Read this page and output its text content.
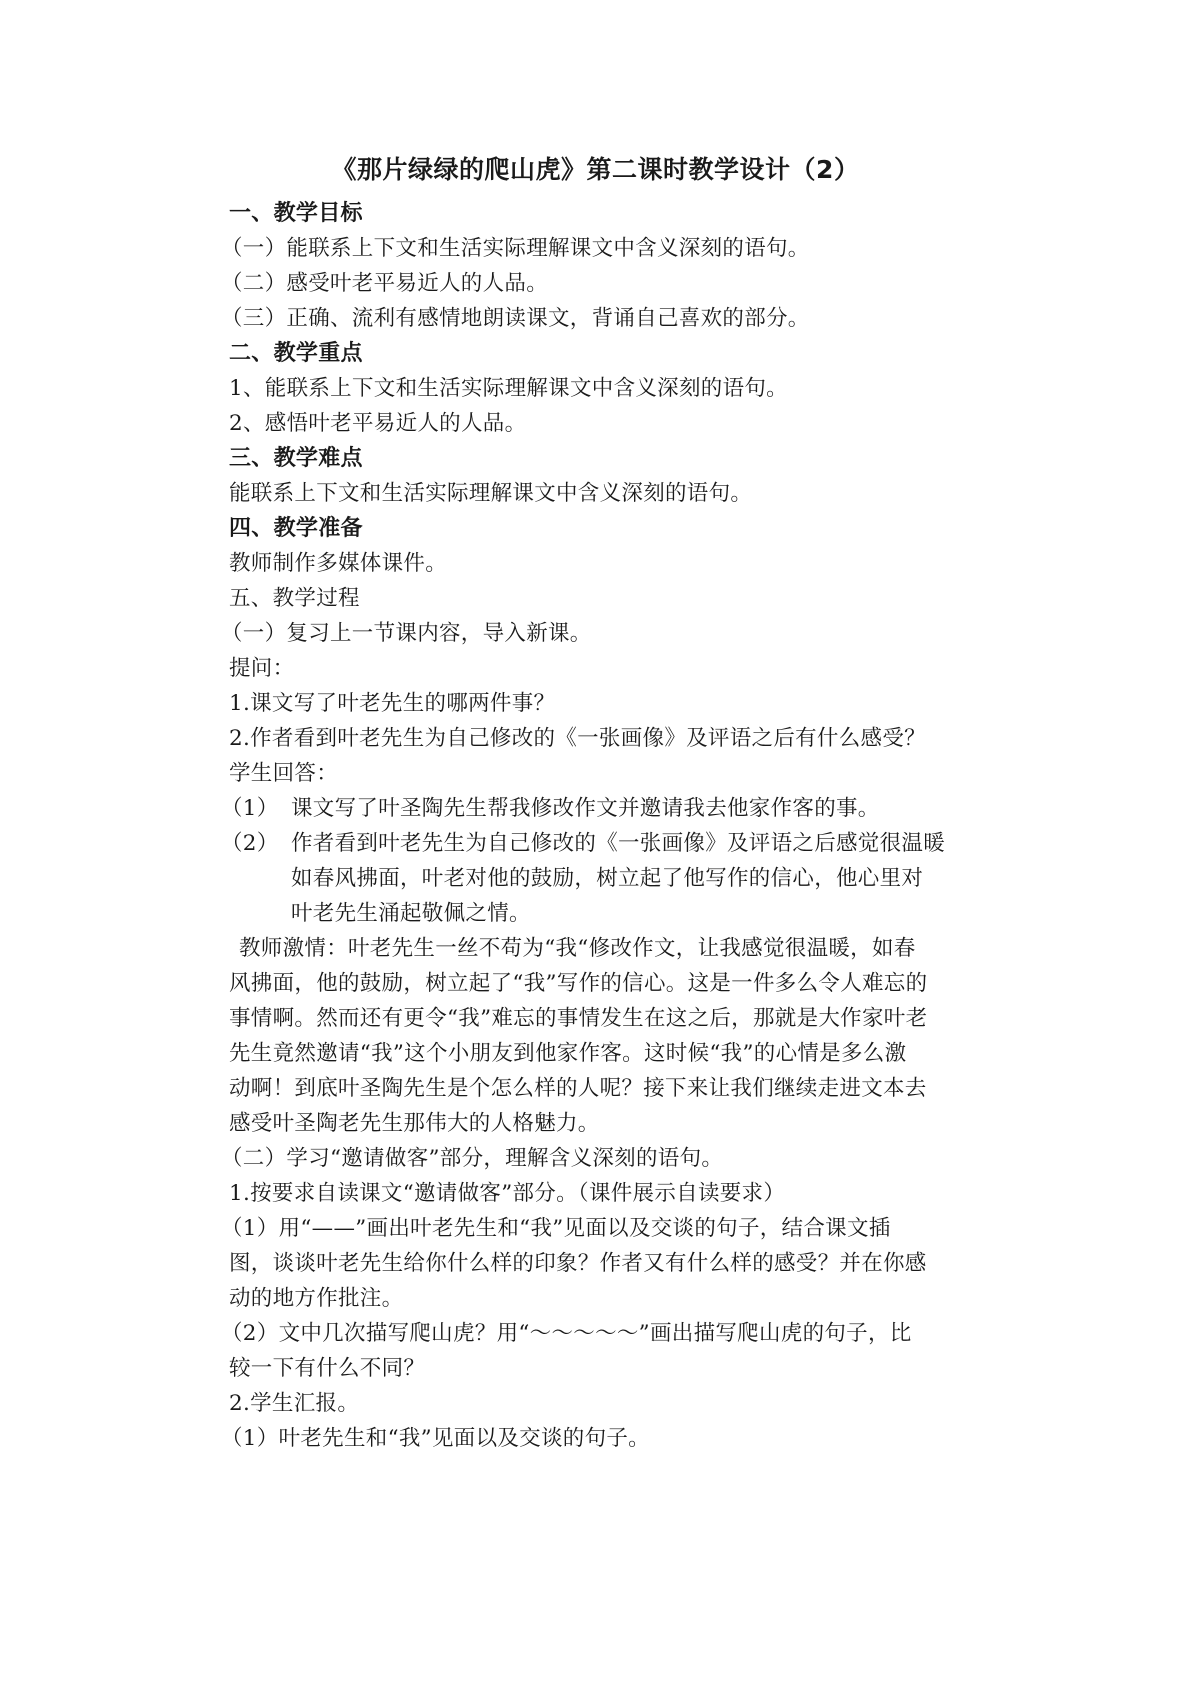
《那片绿绿的爬山虎》第二课时教学设计（2）
一、教学目标
（一）能联系上下文和生活实际理解课文中含义深刻的语句。
（二）感受叶老平易近人的人品。
（三）正确、流利有感情地朗读课文，背诵自己喜欢的部分。
二、教学重点
1、能联系上下文和生活实际理解课文中含义深刻的语句。
2、感悟叶老平易近人的人品。
三、教学难点
能联系上下文和生活实际理解课文中含义深刻的语句。
四、教学准备
教师制作多媒体课件。
五、教学过程
（一）复习上一节课内容，导入新课。
提问：
1.课文写了叶老先生的哪两件事？
2.作者看到叶老先生为自己修改的《一张画像》及评语之后有什么感受？
学生回答：
（1） 课文写了叶圣陶先生帮我修改作文并邀请我去他家作客的事。
（2） 作者看到叶老先生为自己修改的《一张画像》及评语之后感觉很温暖
如春风拂面，叶老对他的鼓励，树立起了他写作的信心，他心里对
叶老先生涌起敬佩之情。
教师激情：叶老先生一丝不苟为“我“修改作文，让我感觉很温暖，如春
风拂面，他的鼓励，树立起了“我”写作的信心。这是一件多么令人难忘的
事情啊。然而还有更令“我”难忘的事情发生在这之后，那就是大作家叶老
先生竟然邀请“我”这个小朋友到他家作客。这时候“我”的心情是多么激
动啊！到底叶圣陶先生是个怎么样的人呢？接下来让我们继续走进文本去
感受叶圣陶老先生那伟大的人格魅力。
（二）学习“邀请做客”部分，理解含义深刻的语句。
1.按要求自读课文“邀请做客”部分。（课件展示自读要求）
（1）用“——”画出叶老先生和“我”见面以及交谈的句子，结合课文插
图，谈谈叶老先生给你什么样的印象？作者又有什么样的感受？并在你感
动的地方作批注。
（2）文中几次描写爬山虎？用“～～～～～”画出描写爬山虎的句子，比
较一下有什么不同？
2.学生汇报。
（1）叶老先生和“我”见面以及交谈的句子。
